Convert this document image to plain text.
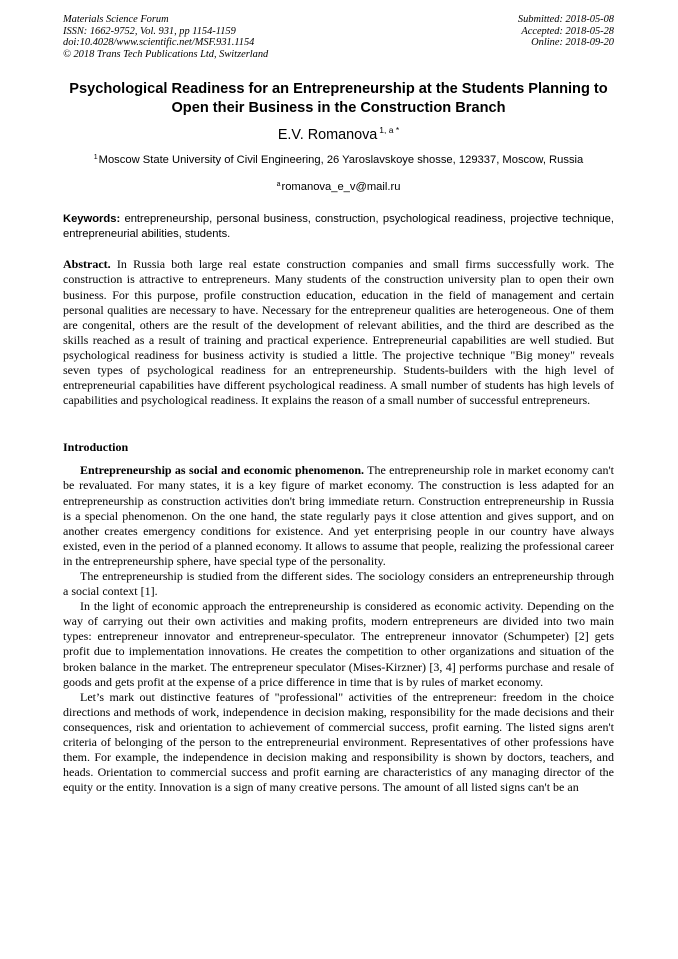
Materials Science Forum
ISSN: 1662-9752, Vol. 931, pp 1154-1159
doi:10.4028/www.scientific.net/MSF.931.1154
© 2018 Trans Tech Publications Ltd, Switzerland
Submitted: 2018-05-08
Accepted: 2018-05-28
Online: 2018-09-20
Psychological Readiness for an Entrepreneurship at the Students Planning to Open their Business in the Construction Branch
E.V. Romanova $^{1, a *}$
$^1$Moscow State University of Civil Engineering, 26 Yaroslavskoye shosse, 129337, Moscow, Russia
$^a$romanova_e_v@mail.ru
Keywords: entrepreneurship, personal business, construction, psychological readiness, projective technique, entrepreneurial abilities, students.
Abstract. In Russia both large real estate construction companies and small firms successfully work. The construction is attractive to entrepreneurs. Many students of the construction university plan to open their own business. For this purpose, profile construction education, education in the field of management and certain personal qualities are necessary to have. Necessary for the entrepreneur qualities are heterogeneous. One of them are congenital, others are the result of the development of relevant abilities, and the third are described as the skills reached as a result of training and practical experience. Entrepreneurial capabilities are well studied. But psychological readiness for business activity is studied a little. The projective technique "Big money" reveals seven types of psychological readiness for an entrepreneurship. Students-builders with the high level of entrepreneurial capabilities have different psychological readiness. A small number of students has high levels of capabilities and psychological readiness. It explains the reason of a small number of successful entrepreneurs.
Introduction

Entrepreneurship as social and economic phenomenon. The entrepreneurship role in market economy can't be revaluated. For many states, it is a key figure of market economy. The construction is less adapted for an entrepreneurship as construction activities don't bring immediate return. Construction entrepreneurship in Russia is a special phenomenon. On the one hand, the state regularly pays it close attention and gives support, and on another creates emergency conditions for existence. And yet enterprising people in our country have always existed, even in the period of a planned economy. It allows to assume that people, realizing the professional career in the entrepreneurship sphere, have special type of the personality.

The entrepreneurship is studied from the different sides. The sociology considers an entrepreneurship through a social context [1].

In the light of economic approach the entrepreneurship is considered as economic activity. Depending on the way of carrying out their own activities and making profits, modern entrepreneurs are divided into two main types: entrepreneur innovator and entrepreneur-speculator. The entrepreneur innovator (Schumpeter) [2] gets profit due to implementation innovations. He creates the competition to other organizations and situation of the broken balance in the market. The entrepreneur speculator (Mises-Kirzner) [3, 4] performs purchase and resale of goods and gets profit at the expense of a price difference in time that is by rules of market economy.

Let’s mark out distinctive features of "professional" activities of the entrepreneur: freedom in the choice directions and methods of work, independence in decision making, responsibility for the made decisions and their consequences, risk and orientation to achievement of commercial success, profit earning. The listed signs aren't criteria of belonging of the person to the entrepreneurial environment. Representatives of other professions have them. For example, the independence in decision making and responsibility is shown by doctors, teachers, and heads. Orientation to commercial success and profit earning are characteristics of any managing director of the equity or the entity. Innovation is a sign of many creative persons. The amount of all listed signs can't be an
